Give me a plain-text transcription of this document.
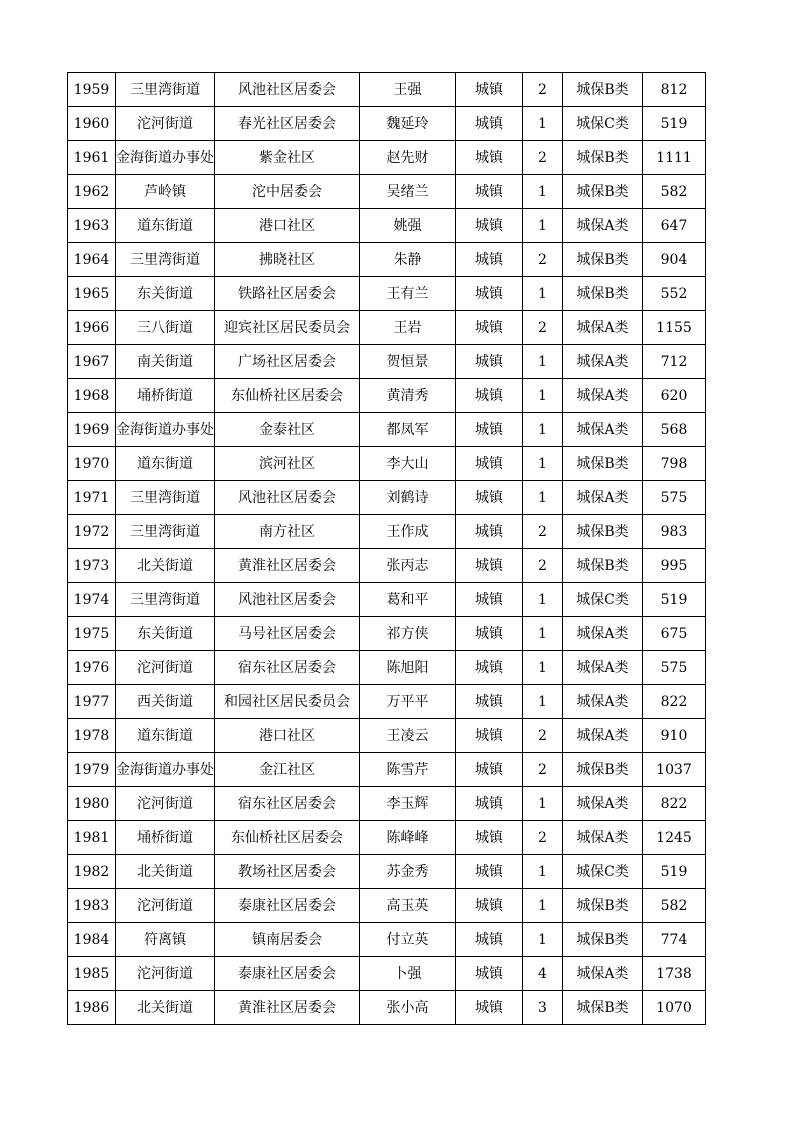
1959	三里湾街道	风池社区居委会	王强	城镇	2	城保B类	812
1960	沱河街道	春光社区居委会	魏延玲	城镇	1	城保C类	519
1961	金海街道办事处	紫金社区	赵先财	城镇	2	城保B类	1111
1962	芦岭镇	沱中居委会	吴绪兰	城镇	1	城保B类	582
1963	道东街道	港口社区	姚强	城镇	1	城保A类	647
1964	三里湾街道	拂晓社区	朱静	城镇	2	城保B类	904
1965	东关街道	铁路社区居委会	王有兰	城镇	1	城保B类	552
1966	三八街道	迎宾社区居民委员会	王岩	城镇	2	城保A类	1155
1967	南关街道	广场社区居委会	贺恒景	城镇	1	城保A类	712
1968	埇桥街道	东仙桥社区居委会	黄清秀	城镇	1	城保A类	620
1969	金海街道办事处	金泰社区	都凤军	城镇	1	城保A类	568
1970	道东街道	滨河社区	李大山	城镇	1	城保B类	798
1971	三里湾街道	风池社区居委会	刘鹤诗	城镇	1	城保A类	575
1972	三里湾街道	南方社区	王作成	城镇	2	城保B类	983
1973	北关街道	黄淮社区居委会	张丙志	城镇	2	城保B类	995
1974	三里湾街道	风池社区居委会	葛和平	城镇	1	城保C类	519
1975	东关街道	马号社区居委会	祁方侠	城镇	1	城保A类	675
1976	沱河街道	宿东社区居委会	陈旭阳	城镇	1	城保A类	575
1977	西关街道	和园社区居民委员会	万平平	城镇	1	城保A类	822
1978	道东街道	港口社区	王凌云	城镇	2	城保A类	910
1979	金海街道办事处	金江社区	陈雪芹	城镇	2	城保B类	1037
1980	沱河街道	宿东社区居委会	李玉辉	城镇	1	城保A类	822
1981	埇桥街道	东仙桥社区居委会	陈峰峰	城镇	2	城保A类	1245
1982	北关街道	教场社区居委会	苏金秀	城镇	1	城保C类	519
1983	沱河街道	泰康社区居委会	高玉英	城镇	1	城保B类	582
1984	符离镇	镇南居委会	付立英	城镇	1	城保B类	774
1985	沱河街道	泰康社区居委会	卜强	城镇	4	城保A类	1738
1986	北关街道	黄淮社区居委会	张小高	城镇	3	城保B类	1070
